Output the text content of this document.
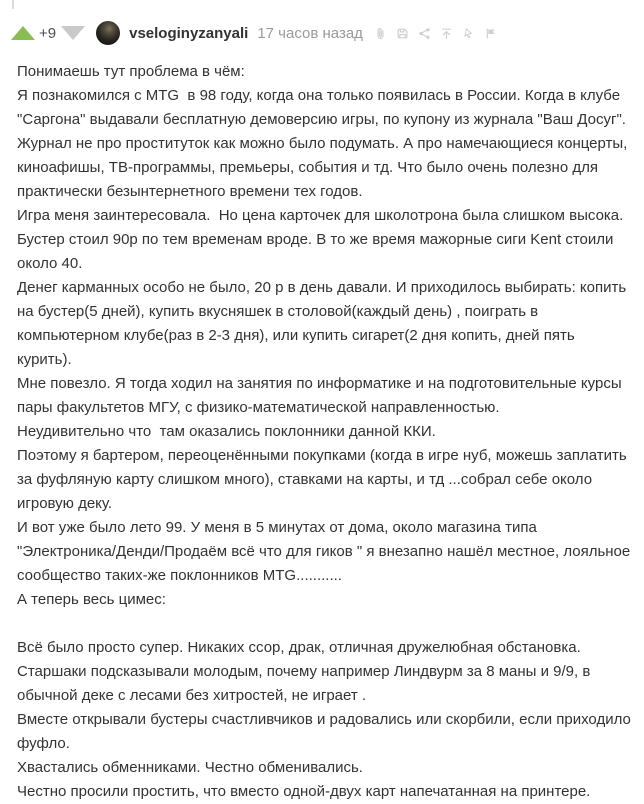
+9	vseloginyzanyali 17 часов назад

Понимаешь тут проблема в чём:

Я познакомился с MTG  в 98 году, когда она только появилась в России. Когда в клубе "Саргона" выдавали бесплатную демоверсию игры, по купону из журнала "Ваш Досуг". Журнал не про проституток как можно было подумать. А про намечающиеся концерты, киноафишы, ТВ-программы, премьеры, события и тд. Что было очень полезно для практически безынтернетного времени тех годов.

Игра меня заинтересовала.  Но цена карточек для школотрона была слишком высока. Бустер стоил 90р по тем временам вроде. В то же время мажорные сиги Kent стоили около 40.

Денег карманных особо не было, 20 р в день давали. И приходилось выбирать: копить на бустер(5 дней), купить вкусняшек в столовой(каждый день) , поиграть в компьютерном клубе(раз в 2-3 дня), или купить сигарет(2 дня копить, дней пять курить).

Мне повезло. Я тогда ходил на занятия по информатике и на подготовительные курсы пары факультетов МГУ, с физико-математической направленностью.

Неудивительно что  там оказались поклонники данной ККИ.

Поэтому я бартером, переоценёнными покупками (когда в игре нуб, можешь заплатить за фуфляную карту слишком много), ставками на карты, и тд ...собрал себе около игровую деку.

И вот уже было лето 99. У меня в 5 минутах от дома, около магазина типа "Электроника/Денди/Продаём всё что для гиков " я внезапно нашёл местное, лояльное сообщество таких-же поклонников MTG...........

А теперь весь цимес:

Всё было просто супер. Никаких ссор, драк, отличная дружелюбная обстановка.

Старшаки подсказывали молодым, почему например Линдвурм за 8 маны и 9/9, в обычной деке с лесами без хитростей, не играет .

Вместе открывали бустеры счастливчиков и радовались или скорбили, если приходило фуфло.

Хвастались обменниками. Честно обменивались.

Честно просили простить, что вместо одной-двух карт напечатанная на принтере.
